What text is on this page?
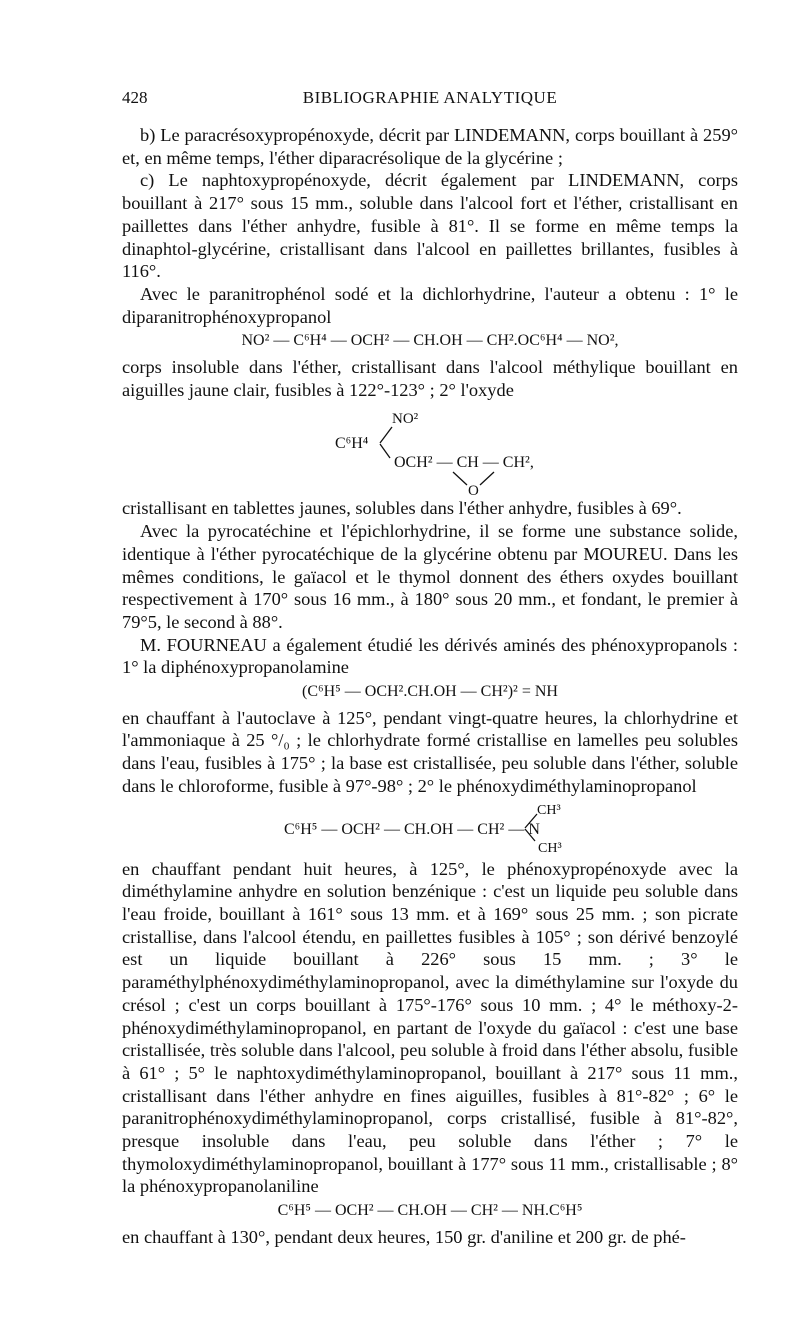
428	BIBLIOGRAPHIE ANALYTIQUE

b) Le paracrésoxypropénoxyde, décrit par LINDEMANN, corps bouillant à 259° et, en même temps, l'éther diparacrésolique de la glycérine ;

c) Le naphtoxypropénoxyde, décrit également par LINDEMANN, corps bouillant à 217° sous 15 mm., soluble dans l'alcool fort et l'éther, cristallisant en paillettes dans l'éther anhydre, fusible à 81°. Il se forme en même temps la dinaphtol-glycérine, cristallisant dans l'alcool en paillettes brillantes, fusibles à 116°.

Avec le paranitrophénol sodé et la dichlorhydrine, l'auteur a obtenu : 1° le diparanitrophénoxypropanol

NO² — C⁶H⁴ — OCH² — CH.OH — CH².OC⁶H⁴ — NO²,

corps insoluble dans l'éther, cristallisant dans l'alcool méthylique bouillant en aiguilles jaune clair, fusibles à 122°-123° ; 2° l'oxyde

C⁶H⁴
NO²
OCH² — CH — CH²,
O

cristallisant en tablettes jaunes, solubles dans l'éther anhydre, fusibles à 69°.

Avec la pyrocatéchine et l'épichlorhydrine, il se forme une substance solide, identique à l'éther pyrocatéchique de la glycérine obtenu par MOUREU. Dans les mêmes conditions, le gaïacol et le thymol donnent des éthers oxydes bouillant respectivement à 170° sous 16 mm., à 180° sous 20 mm., et fondant, le premier à 79°5, le second à 88°.

M. FOURNEAU a également étudié les dérivés aminés des phénoxypropanols : 1° la diphénoxypropanolamine

(C⁶H⁵ — OCH².CH.OH — CH²)² = NH

en chauffant à l'autoclave à 125°, pendant vingt-quatre heures, la chlorhydrine et l'ammoniaque à 25 °/₀ ; le chlorhydrate formé cristallise en lamelles peu solubles dans l'eau, fusibles à 175° ; la base est cristallisée, peu soluble dans l'éther, soluble dans le chloroforme, fusible à 97°-98° ; 2° le phénoxydiméthylaminopropanol

C⁶H⁵ — OCH² — CH.OH — CH² — N
CH³
CH³

en chauffant pendant huit heures, à 125°, le phénoxypropénoxyde avec la diméthylamine anhydre en solution benzénique : c'est un liquide peu soluble dans l'eau froide, bouillant à 161° sous 13 mm. et à 169° sous 25 mm. ; son picrate cristallise, dans l'alcool étendu, en paillettes fusibles à 105° ; son dérivé benzoylé est un liquide bouillant à 226° sous 15 mm. ; 3° le paraméthylphénoxydiméthylaminopropanol, avec la diméthylamine sur l'oxyde du crésol ; c'est un corps bouillant à 175°-176° sous 10 mm. ; 4° le méthoxy-2-phénoxydiméthylaminopropanol, en partant de l'oxyde du gaïacol : c'est une base cristallisée, très soluble dans l'alcool, peu soluble à froid dans l'éther absolu, fusible à 61° ; 5° le naphtoxydiméthylaminopropanol, bouillant à 217° sous 11 mm., cristallisant dans l'éther anhydre en fines aiguilles, fusibles à 81°-82° ; 6° le paranitrophénoxydiméthylaminopropanol, corps cristallisé, fusible à 81°-82°, presque insoluble dans l'eau, peu soluble dans l'éther ; 7° le thymoloxydiméthylaminopropanol, bouillant à 177° sous 11 mm., cristallisable ; 8° la phénoxypropanolaniline

C⁶H⁵ — OCH² — CH.OH — CH² — NH.C⁶H⁵

en chauffant à 130°, pendant deux heures, 150 gr. d'aniline et 200 gr. de phé-
